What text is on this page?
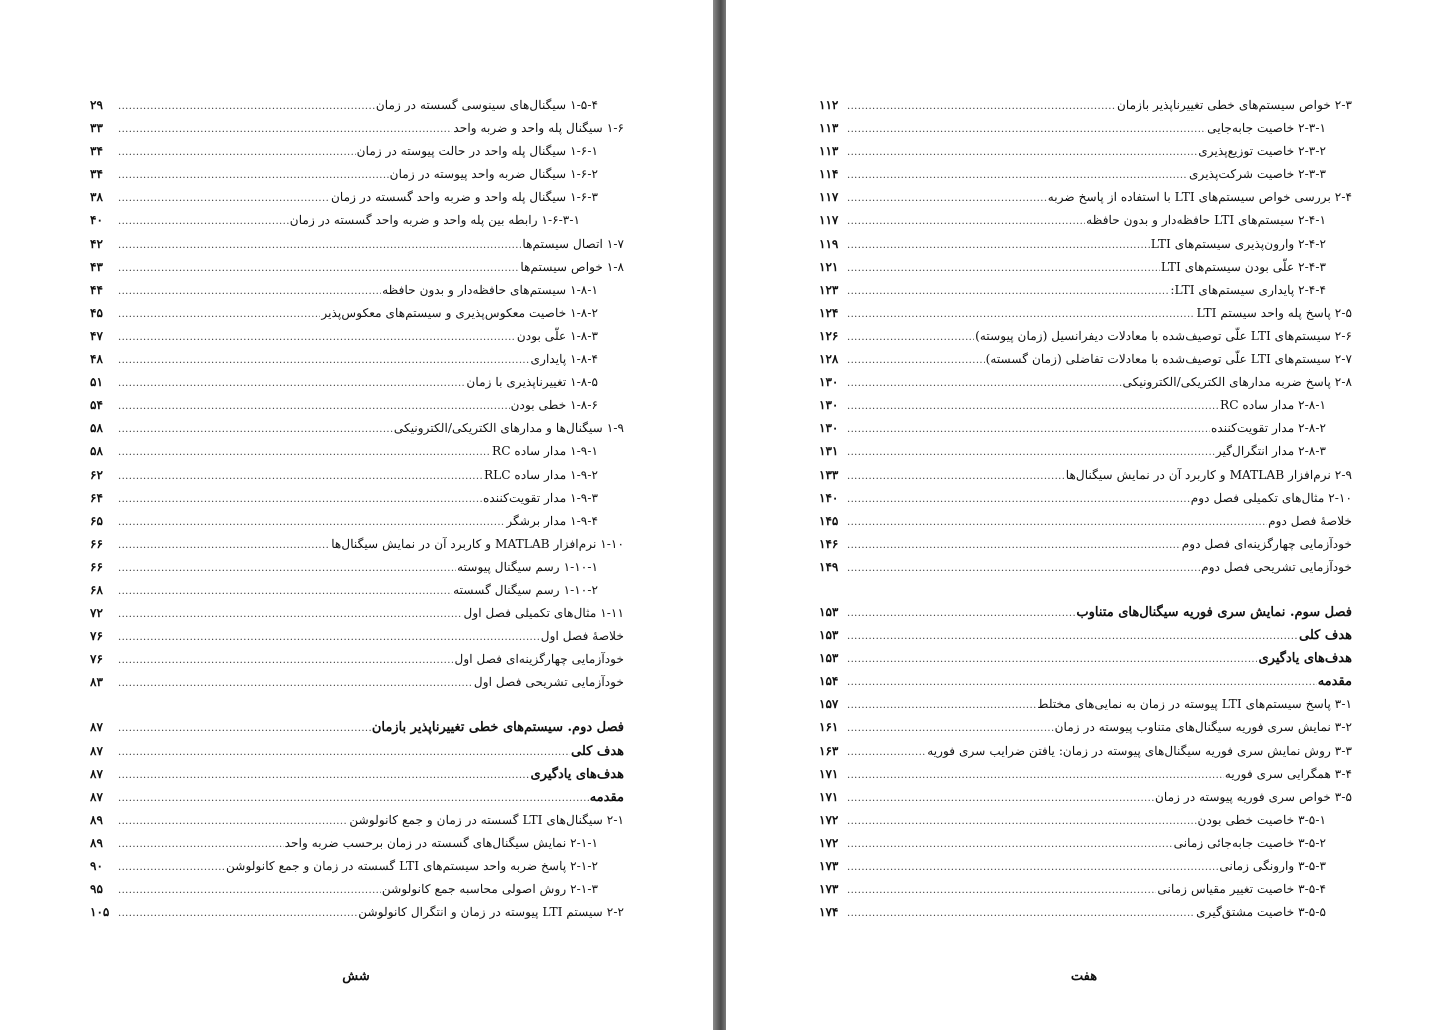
۱-۵-۴ سیگنال‌های سینوسی گسسته در زمان
.....
۲۹
۱-۶ سیگنال پله واحد و ضربه واحد
.....
۳۳
۱-۶-۱ سیگنال پله واحد در حالت پیوسته در زمان
.....
۳۴
۱-۶-۲ سیگنال ضربه واحد پیوسته در زمان
.....
۳۴
۱-۶-۳ سیگنال پله واحد و ضربه واحد گسسته در زمان
.....
۳۸
۱-۶-۳-۱ رابطه بین پله واحد و ضربه واحد گسسته در زمان
.....
۴۰
۱-۷ اتصال سیستم‌ها
.....
۴۲
۱-۸ خواص سیستم‌ها
.....
۴۳
۱-۸-۱ سیستم‌های حافظه‌دار و بدون حافظه
.....
۴۴
۱-۸-۲ خاصیت معکوس‌پذیری و سیستم‌های معکوس‌پذیر
.....
۴۵
۱-۸-۳ علّی بودن
.....
۴۷
۱-۸-۴ پایداری
.....
۴۸
۱-۸-۵ تغییرناپذیری با زمان
.....
۵۱
۱-۸-۶ خطی بودن
.....
۵۴
۱-۹ سیگنال‌ها و مدارهای الکتریکی/الکترونیکی
.....
۵۸
۱-۹-۱ مدار ساده RC
.....
۵۸
۱-۹-۲ مدار ساده RLC
.....
۶۲
۱-۹-۳ مدار تقویت‌کننده
.....
۶۴
۱-۹-۴ مدار برشگر
.....
۶۵
۱-۱۰ نرم‌افزار MATLAB و کاربرد آن در نمایش سیگنال‌ها
.....
۶۶
۱-۱۰-۱ رسم سیگنال پیوسته
.....
۶۶
۱-۱۰-۲ رسم سیگنال گسسته
.....
۶۸
۱-۱۱ مثال‌های تکمیلی فصل اول
.....
۷۲
خلاصهٔ فصل اول
.....
۷۶
خودآزمایی چهارگزینه‌ای فصل اول
.....
۷۶
خودآزمایی تشریحی فصل اول
.....
۸۳
فصل دوم. سیستم‌های خطی تغییرناپذیر بازمان
.....
۸۷
هدف کلی
.....
۸۷
هدف‌های یادگیری
.....
۸۷
مقدمه
.....
۸۷
۲-۱ سیگنال‌های LTI گسسته در زمان و جمع کانولوشن
.....
۸۹
۲-۱-۱ نمایش سیگنال‌های گسسته در زمان برحسب ضربه واحد
.....
۸۹
۲-۱-۲ پاسخ ضربه واحد سیستم‌های LTI گسسته در زمان و جمع کانولوشن
.....
۹۰
۲-۱-۳ روش اصولی محاسبه جمع کانولوشن
.....
۹۵
۲-۲ سیستم LTI پیوسته در زمان و انتگرال کانولوشن
.....
۱۰۵
شش
۲-۳ خواص سیستم‌های خطی تغییرناپذیر بازمان
.....
۱۱۲
۲-۳-۱ خاصیت جابه‌جایی
.....
۱۱۳
۲-۳-۲ خاصیت توزیع‌پذیری
.....
۱۱۳
۲-۳-۳ خاصیت شرکت‌پذیری
.....
۱۱۴
۲-۴ بررسی خواص سیستم‌های LTI با استفاده از پاسخ ضربه
.....
۱۱۷
۲-۴-۱ سیستم‌های LTI حافظه‌دار و بدون حافظه
.....
۱۱۷
۲-۴-۲ وارون‌پذیری سیستم‌های LTI
.....
۱۱۹
۲-۴-۳ علّی بودن سیستم‌های LTI
.....
۱۲۱
۲-۴-۴ پایداری سیستم‌های LTI:
.....
۱۲۳
۲-۵ پاسخ پله واحد سیستم LTI
.....
۱۲۴
۲-۶ سیستم‌های LTI علّی توصیف‌شده با معادلات دیفرانسیل (زمان پیوسته)
.....
۱۲۶
۲-۷ سیستم‌های LTI علّی توصیف‌شده با معادلات تفاضلی (زمان گسسته)
.....
۱۲۸
۲-۸ پاسخ ضربه مدارهای الکتریکی/الکترونیکی
.....
۱۳۰
۲-۸-۱ مدار ساده RC
.....
۱۳۰
۲-۸-۲ مدار تقویت‌کننده
.....
۱۳۰
۲-۸-۳ مدار انتگرال‌گیر
.....
۱۳۱
۲-۹ نرم‌افزار MATLAB و کاربرد آن در نمایش سیگنال‌ها
.....
۱۳۳
۲-۱۰ مثال‌های تکمیلی فصل دوم
.....
۱۴۰
خلاصهٔ فصل دوم
.....
۱۴۵
خودآزمایی چهارگزینه‌ای فصل دوم
.....
۱۴۶
خودآزمایی تشریحی فصل دوم
.....
۱۴۹
فصل سوم. نمایش سری فوریه سیگنال‌های متناوب
.....
۱۵۳
هدف کلی
.....
۱۵۳
هدف‌های یادگیری
.....
۱۵۳
مقدمه
.....
۱۵۴
۳-۱ پاسخ سیستم‌های LTI پیوسته در زمان به نمایی‌های مختلط
.....
۱۵۷
۳-۲ نمایش سری فوریه سیگنال‌های متناوب پیوسته در زمان
.....
۱۶۱
۳-۳ روش نمایش سری فوریه سیگنال‌های پیوسته در زمان: یافتن ضرایب سری فوریه
.....
۱۶۳
۳-۴ همگرایی سری فوریه
.....
۱۷۱
۳-۵ خواص سری فوریه پیوسته در زمان
.....
۱۷۱
۳-۵-۱ خاصیت خطی بودن
.....
۱۷۲
۳-۵-۲ خاصیت جابه‌جائی زمانی
.....
۱۷۲
۳-۵-۳ وارونگی زمانی
.....
۱۷۳
۳-۵-۴ خاصیت تغییر مقیاس زمانی
.....
۱۷۳
۳-۵-۵ خاصیت مشتق‌گیری
.....
۱۷۴
هفت
